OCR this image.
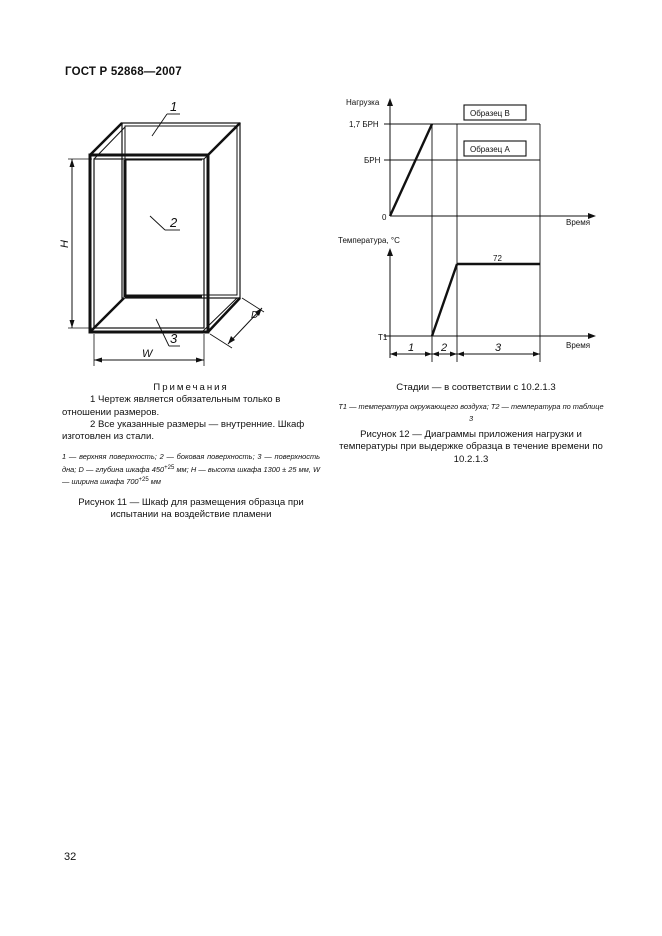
ГОСТ Р 52868—2007
1
2
3
H
W
D
Нагрузка
Время
1,7 БРН
БРН
0
Образец В
Образец А
Температура, °С
72
T1
Время
1 2	3
Примечания
1 Чертеж является обязательным только в отношении размеров.
2 Все указанные размеры — внутренние. Шкаф изготовлен из стали.
1 — верхняя поверхность; 2 — боковая поверхность; 3 — поверхность дна; D — глубина шкафа $450^{+25}$ мм; H — высота шкафа 1300 ± 25 мм, W — ширина шкафа $700^{+25}$ мм
Рисунок 11 — Шкаф для размещения образца при испытании на воздействие пламени
Стадии — в соответствии с 10.2.1.3
Т1 — температура окружающего воздуха; Т2 — температура по таблице 3
Рисунок 12 — Диаграммы приложения нагрузки и температуры при выдержке образца в течение времени по 10.2.1.3
32
